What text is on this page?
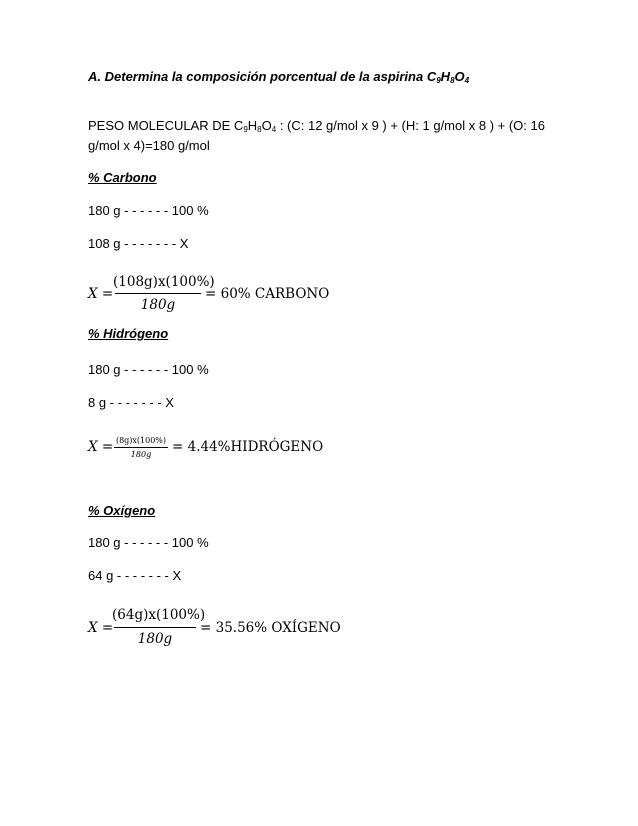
A. Determina la composición porcentual de la aspirina $C_9H_8O_4$
PESO MOLECULAR DE $C_9H_8O_4$ : (C: 12 g/mol x 9 ) + (H: 1 g/mol x 8 ) + (O: 16
g/mol x 4)=180 g/mol
% Carbono
180 g - - - - - - 100 %
108 g - - - - - - - X
X =
(108g)x(100%)
180g
= 60% CARBONO
% Hidrógeno
180 g - - - - - - 100 %
8 g - - - - - - - X
X = (8g)x(100%)
180g	= 4.44%HIDRÓGENO
% Oxígeno
180 g - - - - - - 100 %
64 g - - - - - - - X
X =
(64g)x(100%)
180g
= 35.56% OXÍGENO
